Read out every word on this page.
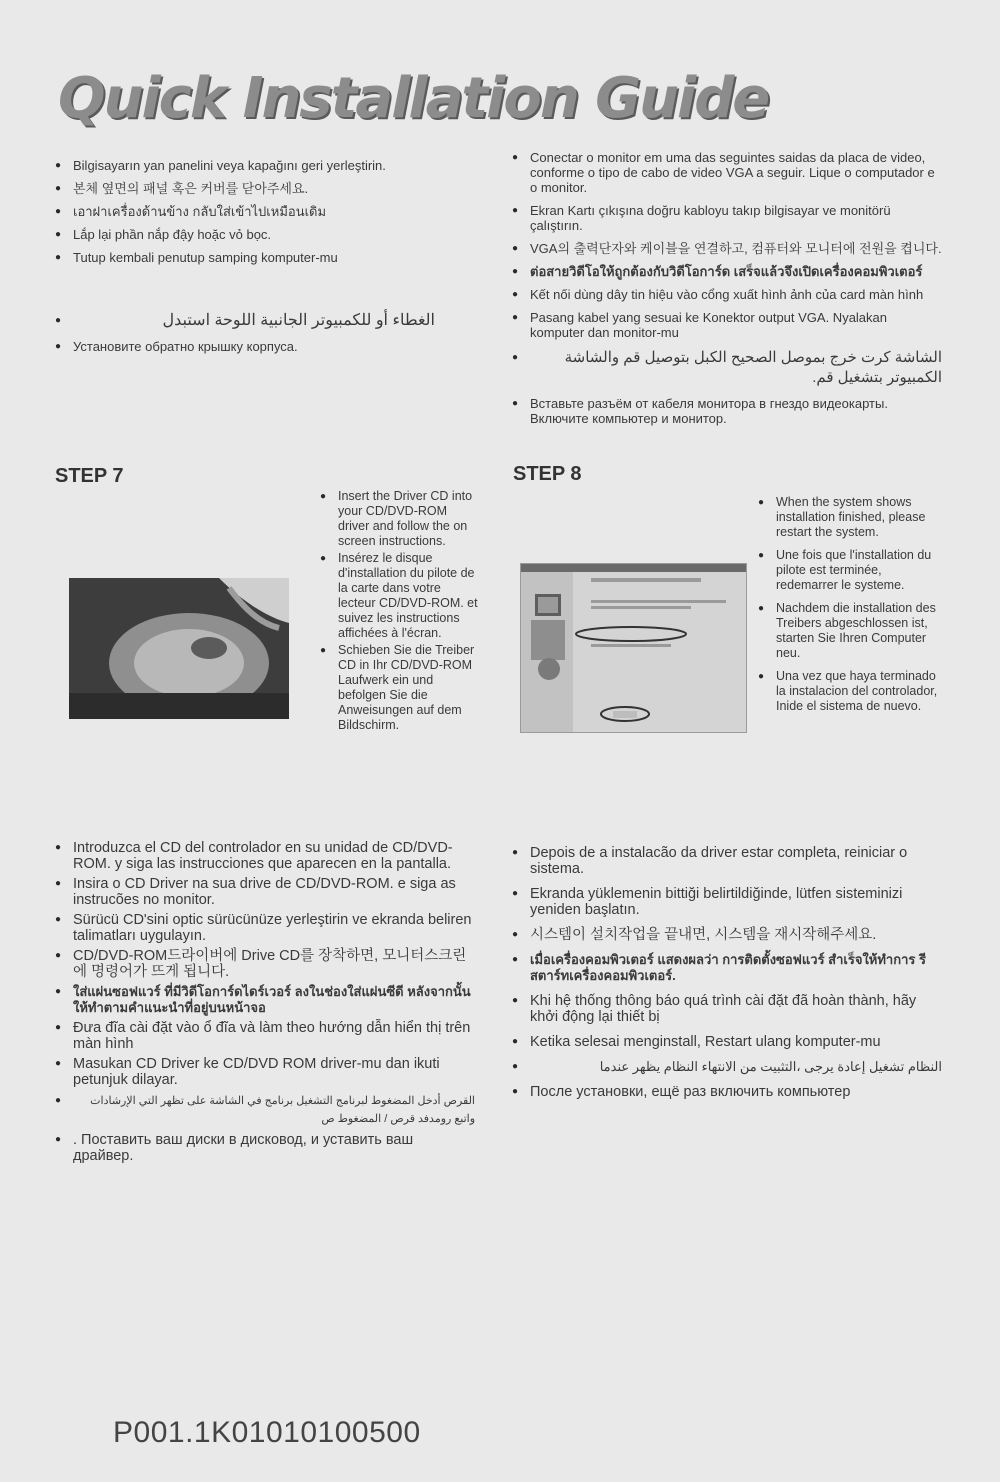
Quick Installation Guide
● Bilgisayarın yan panelini veya kapağını geri yerleştirin.
● 본체 옆면의 패널 혹은 커버를 닫아주세요.
● เอาฝาเครื่องด้านข้าง กลับใส่เข้าไปเหมือนเดิม
● Lắp lại phần nắp đậy hoặc vỏ bọc.
● Tutup kembali penutup samping komputer-mu
● الغطاء أو للكمبيوتر الجانبية اللوحة استبدل
● Установите обратно крышку корпуса.
● Conectar o monitor em uma das seguintes saidas da placa de video, conforme o tipo de cabo de video VGA a seguir. Lique o computador e o monitor.
● Ekran Kartı çıkışına doğru kabloyu takıp bilgisayar ve monitörü çalıştırın.
● VGA의 출력단자와 케이블을 연결하고, 컴퓨터와 모니터에 전원을 켭니다.
● ต่อสายวิดีโอให้ถูกต้องกับวิดีโอการ์ด เสร็จแล้วจึงเปิดเครื่องคอมพิวเตอร์
● Kết nối dùng dây tin hiệu vào cổng xuất hình ảnh của card màn hình
● Pasang kabel yang sesuai ke Konektor output VGA. Nyalakan komputer dan monitor-mu
● الشاشة كرت خرج بموصل الصحيح الكبل بتوصيل قم والشاشة الكمبيوتر بتشغيل قم.
● Вставьте разъём от кабеля монитора в гнездо видеокарты. Включите компьютер и монитор.
STEP 7	STEP 8
● Insert the Driver CD into your CD/DVD-ROM driver and follow the on screen instructions.
● Insérez le disque d'installation du pilote de la carte dans votre lecteur CD/DVD-ROM. et suivez les instructions affichées à l'écran.
● Schieben Sie die Treiber CD in Ihr CD/DVD-ROM Laufwerk ein und befolgen Sie die Anweisungen auf dem Bildschirm.
● When the system shows installation finished, please restart the system.
● Une fois que l'installation du pilote est terminée, redemarrer le systeme.
● Nachdem die installation des Treibers abgeschlossen ist, starten Sie Ihren Computer neu.
● Una vez que haya terminado la instalacion del controlador, Inide el sistema de nuevo.
● Introduzca el CD del controlador en su unidad de CD/DVD-ROM. y siga las instrucciones que aparecen en la pantalla.
● Insira o CD Driver na sua drive de CD/DVD-ROM. e siga as instrucões no monitor.
● Sürücü CD'sini optic sürücünüze yerleştirin ve ekranda beliren talimatları uygulayın.
● CD/DVD-ROM드라이버에 Drive CD를 장착하면, 모니터스크린에 명령어가 뜨게 됩니다.
● ใส่แผ่นซอฟแวร์ ที่มีวิดีโอการ์ดไดร์เวอร์ ลงในช่องใส่แผ่นซีดี หลังจากนั้นให้ทำตามคำแนะนำที่อยู่บนหน้าจอ
● Đưa đĩa cài đặt vào ổ đĩa và làm theo hướng dẫn hiển thị trên màn hình
● Masukan CD Driver ke CD/DVD ROM driver-mu dan ikuti petunjuk dilayar.
● القرص أدخل المضغوط لبرنامج التشغيل برنامج في الشاشة على تظهر التي الإرشادات واتبع رومدفد قرص / المضغوط ص
● . Поставить ваш диски в дисковод, и уставить ваш драйвер.
● Depois de a instalacão da driver estar completa, reiniciar o sistema.
● Ekranda yüklemenin bittiği belirtildiğinde, lütfen sisteminizi yeniden başlatın.
● 시스템이 설치작업을 끝내면, 시스템을 재시작해주세요.
● เมื่อเครื่องคอมพิวเตอร์ แสดงผลว่า การติดตั้งซอฟแวร์ สำเร็จให้ทำการ รีสตาร์ทเครื่องคอมพิวเตอร์.
● Khi hệ thống thông báo quá trình cài đặt đã hoàn thành, hãy khởi động lại thiết bị
● Ketika selesai menginstall, Restart ulang komputer-mu
● النظام تشغيل إعادة يرجى ،التثبيت من الانتهاء النظام يظهر عندما
● После установки, ещё раз включить компьютер
P001.1K01010100500
